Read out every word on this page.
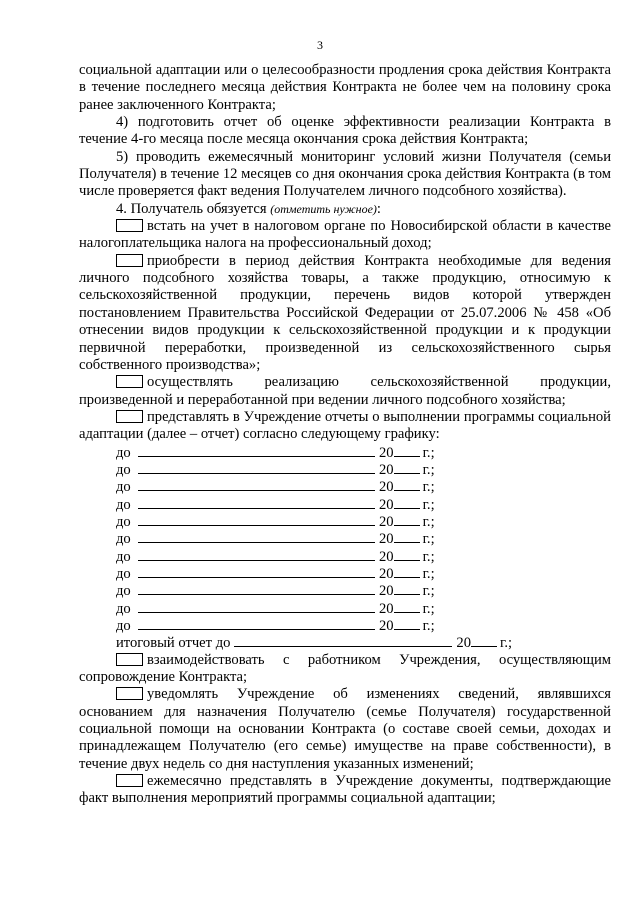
3

социальной адаптации или о целесообразности продления срока действия Контракта в течение последнего месяца действия Контракта не более чем на половину срока ранее заключенного Контракта;

4) подготовить отчет об оценке эффективности реализации Контракта в течение 4-го месяца после месяца окончания срока действия Контракта;

5) проводить ежемесячный мониторинг условий жизни Получателя (семьи Получателя) в течение 12 месяцев со дня окончания срока действия Контракта (в том числе проверяется факт ведения Получателем личного подсобного хозяйства).

4. Получатель обязуется (отметить нужное):

встать на учет в налоговом органе по Новосибирской области в качестве налогоплательщика налога на профессиональный доход;

приобрести в период действия Контракта необходимые для ведения личного подсобного хозяйства товары, а также продукцию, относимую к сельскохозяйственной продукции, перечень видов которой утвержден постановлением Правительства Российской Федерации от 25.07.2006 № 458 «Об отнесении видов продукции к сельскохозяйственной продукции и к продукции первичной переработки, произведенной из сельскохозяйственного сырья собственного производства»;

осуществлять реализацию сельскохозяйственной продукции, произведенной и переработанной при ведении личного подсобного хозяйства;

представлять в Учреждение отчеты о выполнении программы социальной адаптации (далее – отчет) согласно следующему графику:

до	20 г.;
до	20 г.;
до	20 г.;
до	20 г.;
до	20 г.;
до	20 г.;
до	20 г.;
до	20 г.;
до	20 г.;
до	20 г.;
до	20 г.;
итоговый отчет до	20 г.;

взаимодействовать с работником Учреждения, осуществляющим сопровождение Контракта;

уведомлять Учреждение об изменениях сведений, являвшихся основанием для назначения Получателю (семье Получателя) государственной социальной помощи на основании Контракта (о составе своей семьи, доходах и принадлежащем Получателю (его семье) имуществе на праве собственности), в течение двух недель со дня наступления указанных изменений;

ежемесячно представлять в Учреждение документы, подтверждающие факт выполнения мероприятий программы социальной адаптации;
